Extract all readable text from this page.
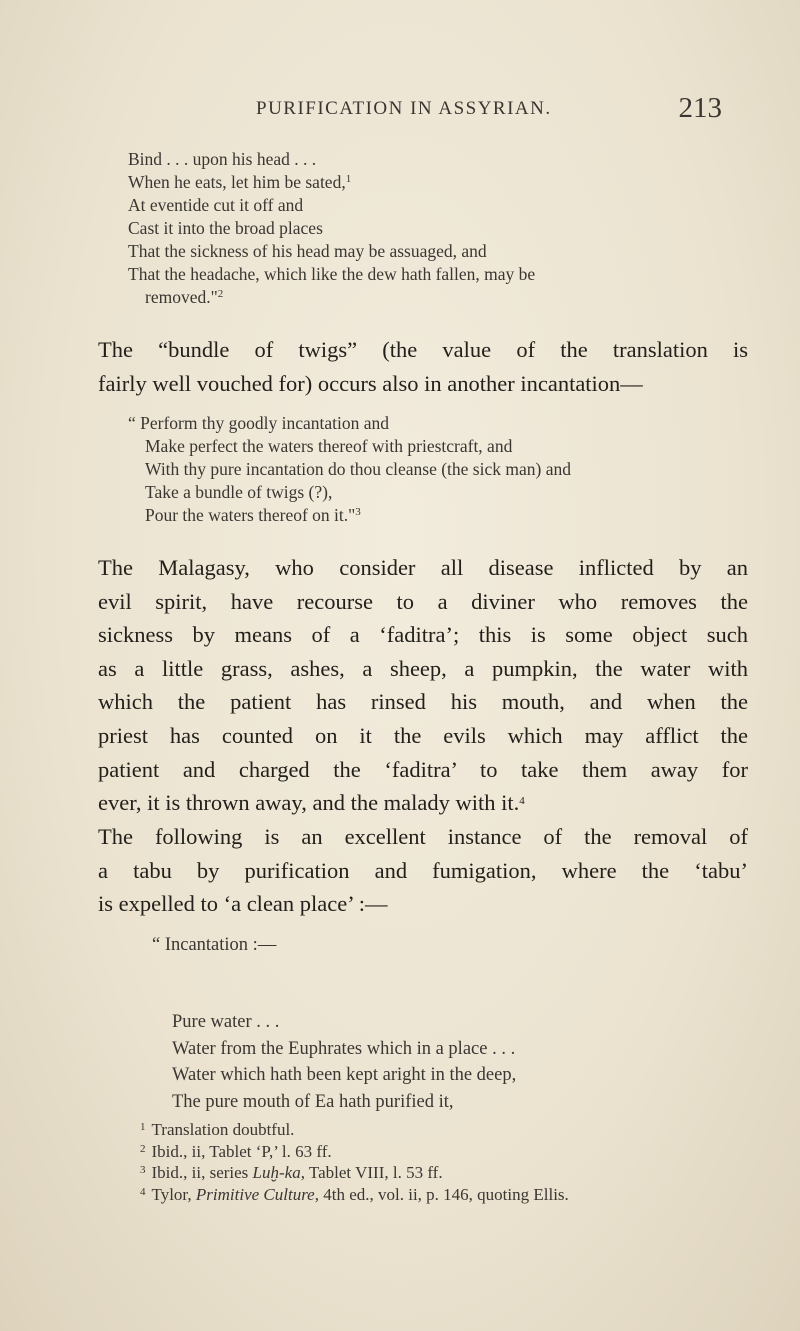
PURIFICATION IN ASSYRIAN.	213
Bind . . . upon his head . . .
When he eats, let him be sated,$^1$
At eventide cut it off and
Cast it into the broad places
That the sickness of his head may be assuaged, and
That the headache, which like the dew hath fallen, may be
removed."$^2$
The “bundle of twigs” (the value of the translation is
fairly well vouched for) occurs also in another incantation—
“ Perform thy goodly incantation and
Make perfect the waters thereof with priestcraft, and
With thy pure incantation do thou cleanse (the sick man) and
Take a bundle of twigs (?),
Pour the waters thereof on it."$^3$
The Malagasy, who consider all disease inflicted by an
evil spirit, have recourse to a diviner who removes the
sickness by means of a ‘faditra’; this is some object such
as a little grass, ashes, a sheep, a pumpkin, the water with
which the patient has rinsed his mouth, and when the
priest has counted on it the evils which may afflict the
patient and charged the ‘faditra’ to take them away for
ever, it is thrown away, and the malady with it.$^4$
The following is an excellent instance of the removal of
a tabu by purification and fumigation, where the ‘tabu’
is expelled to ‘a clean place’ :—
“ Incantation :—
Pure water . . .
Water from the Euphrates which in a place . . .
Water which hath been kept aright in the deep,
The pure mouth of Ea hath purified it,
$^1$ Translation doubtful.
$^2$ Ibid., ii, Tablet ‘P,’ l. 63 ff.
$^3$ Ibid., ii, series Luḫ-ka, Tablet VIII, l. 53 ff.
$^4$ Tylor, Primitive Culture, 4th ed., vol. ii, p. 146, quoting Ellis.
